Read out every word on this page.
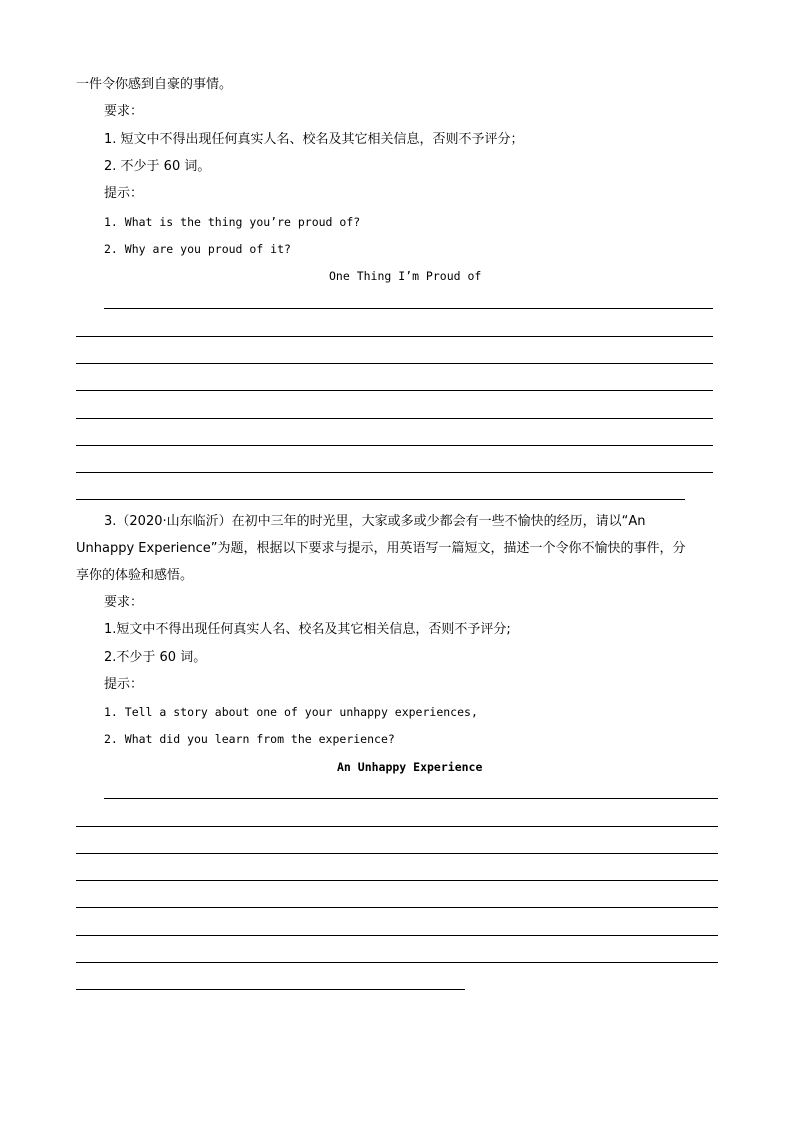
一件令你感到自豪的事情。
要求：
1. 短文中不得出现任何真实人名、校名及其它相关信息，否则不予评分；
2. 不少于 60 词。
提示：
1. What is the thing you’re proud of?
2. Why are you proud of it?
One Thing I’m Proud of
3.（2020·山东临沂）在初中三年的时光里，大家或多或少都会有一些不愉快的经历，请以“An
Unhappy Experience”为题，根据以下要求与提示，用英语写一篇短文，描述一个令你不愉快的事件，分
享你的体验和感悟。
要求：
1.短文中不得出现任何真实人名、校名及其它相关信息，否则不予评分;
2.不少于 60 词。
提示：
1. Tell a story about one of your unhappy experiences,
2. What did you learn from the experience?
An Unhappy Experience
